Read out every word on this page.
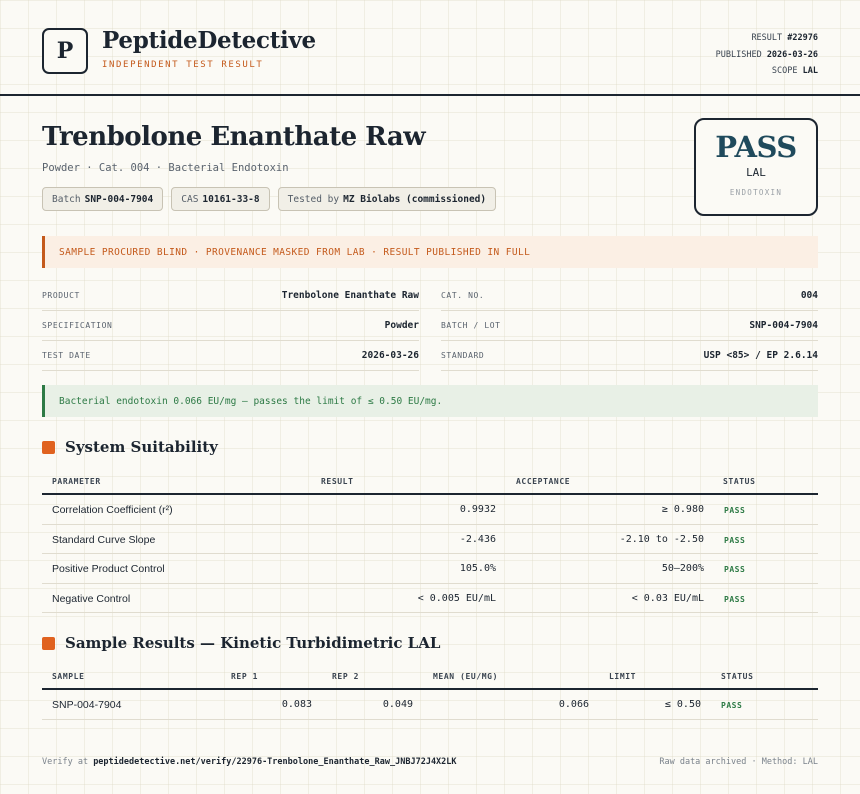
P	PeptideDetective
INDEPENDENT TEST RESULT
RESULT #22976
PUBLISHED 2026-03-26
SCOPE LAL
Trenbolone Enanthate Raw
Powder · Cat. 004 · Bacterial Endotoxin
Batch SNP-004-7904	CAS 10161-33-8	Tested by MZ Biolabs (commissioned)
PASS
LAL
ENDOTOXIN
SAMPLE PROCURED BLIND · PROVENANCE MASKED FROM LAB · RESULT PUBLISHED IN FULL
PRODUCT	Trenbolone Enanthate Raw
SPECIFICATION	Powder
TEST DATE	2026-03-26
CAT. NO.	004
BATCH / LOT	SNP-004-7904
STANDARD	USP <85> / EP 2.6.14
Bacterial endotoxin 0.066 EU/mg — passes the limit of ≤ 0.50 EU/mg.
System Suitability
PARAMETER	RESULT	ACCEPTANCE	STATUS
Correlation Coefficient (r²)	0.9932	≥ 0.980	PASS
Standard Curve Slope	-2.436	-2.10 to -2.50	PASS
Positive Product Control	105.0%	50–200%	PASS
Negative Control	< 0.005 EU/mL	< 0.03 EU/mL	PASS
Sample Results — Kinetic Turbidimetric LAL
SAMPLE	REP 1	REP 2	MEAN (EU/MG)	LIMIT	STATUS
SNP-004-7904	0.083	0.049	0.066	≤ 0.50	PASS
Verify at peptidedetective.net/verify/22976-Trenbolone_Enanthate_Raw_JNBJ72J4X2LK	Raw data archived · Method: LAL
